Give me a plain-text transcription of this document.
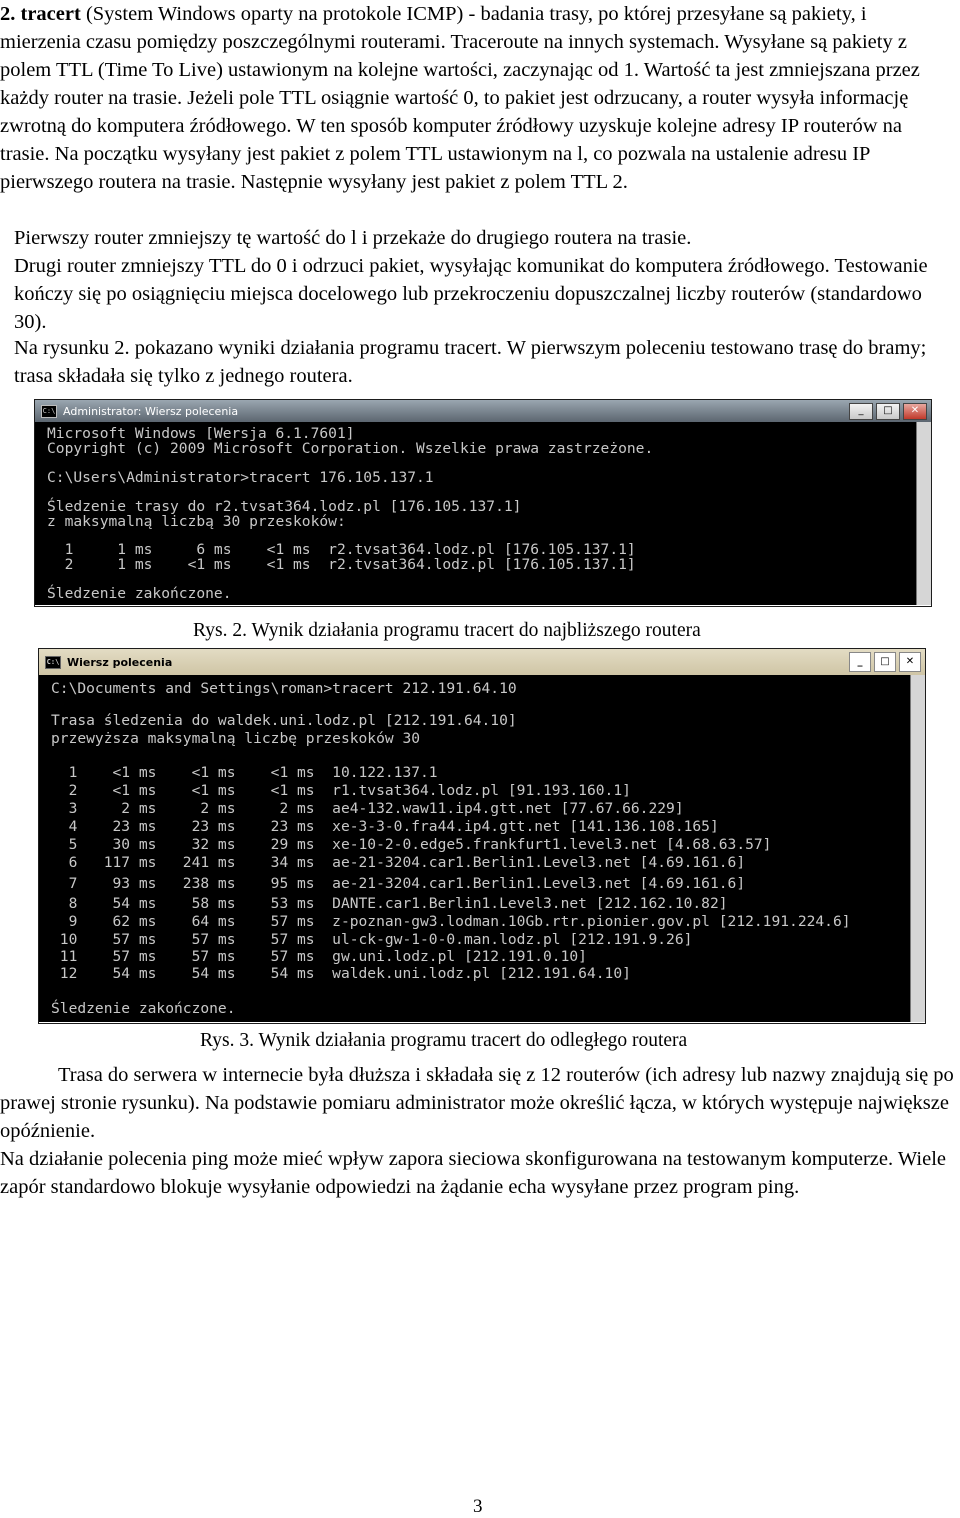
2. tracert (System Windows oparty na protokole ICMP) - badania trasy, po której przesyłane są pakiety, i mierzenia czasu pomiędzy poszczególnymi routerami. Traceroute na innych systemach. Wysyłane są pakiety z polem TTL (Time To Live) ustawionym na kolejne wartości, zaczynając od 1. Wartość ta jest zmniejszana przez każdy router na trasie. Jeżeli pole TTL osiągnie wartość 0, to pakiet jest odrzucany, a router wysyła informację zwrotną do komputera źródłowego. W ten sposób komputer źródłowy uzyskuje kolejne adresy IP routerów na trasie. Na początku wysyłany jest pakiet z polem TTL ustawionym na l, co pozwala na ustalenie adresu IP pierwszego routera na trasie. Następnie wysyłany jest pakiet z polem TTL 2.

Pierwszy router zmniejszy tę wartość do l i przekaże do drugiego routera na trasie.

Drugi router zmniejszy TTL do 0 i odrzuci pakiet, wysyłając komunikat do komputera źródłowego. Testowanie kończy się po osiągnięciu miejsca docelowego lub przekroczeniu dopuszczalnej liczby routerów (standardowo 30).

Na rysunku 2. pokazano wyniki działania programu tracert. W pierwszym poleceniu testowano trasę do bramy; trasa składała się tylko z jednego routera.

C:\ Administrator: Wiersz polecenia	_	□	✕
Microsoft Windows [Wersja 6.1.7601]
Copyright (c) 2009 Microsoft Corporation. Wszelkie prawa zastrzeżone.
C:\Users\Administrator>tracert 176.105.137.1
Śledzenie trasy do r2.tvsat364.lodz.pl [176.105.137.1]
z maksymalną liczbą 30 przeskoków:
1     1 ms     6 ms    <1 ms  r2.tvsat364.lodz.pl [176.105.137.1]
2     1 ms    <1 ms    <1 ms  r2.tvsat364.lodz.pl [176.105.137.1]
Śledzenie zakończone.
Rys. 2. Wynik działania programu tracert do najbliższego routera
C:\ Wiersz polecenia	_	□	✕
C:\Documents and Settings\roman>tracert 212.191.64.10
Trasa śledzenia do waldek.uni.lodz.pl [212.191.64.10]
przewyższa maksymalną liczbę przeskoków 30
1    <1 ms    <1 ms    <1 ms  10.122.137.1
2    <1 ms    <1 ms    <1 ms  r1.tvsat364.lodz.pl [91.193.160.1]
3     2 ms     2 ms     2 ms  ae4-132.waw11.ip4.gtt.net [77.67.66.229]
4    23 ms    23 ms    23 ms  xe-3-3-0.fra44.ip4.gtt.net [141.136.108.165]
5    30 ms    32 ms    29 ms  xe-10-2-0.edge5.frankfurt1.level3.net [4.68.63.57]
6   117 ms   241 ms    34 ms  ae-21-3204.car1.Berlin1.Level3.net [4.69.161.6]
7    93 ms   238 ms    95 ms  ae-21-3204.car1.Berlin1.Level3.net [4.69.161.6]
8    54 ms    58 ms    53 ms  DANTE.car1.Berlin1.Level3.net [212.162.10.82]
9    62 ms    64 ms    57 ms  z-poznan-gw3.lodman.10Gb.rtr.pionier.gov.pl [212.191.224.6]
10    57 ms    57 ms    57 ms  ul-ck-gw-1-0-0.man.lodz.pl [212.191.9.26]
11    57 ms    57 ms    57 ms  gw.uni.lodz.pl [212.191.0.10]
12    54 ms    54 ms    54 ms  waldek.uni.lodz.pl [212.191.64.10]
Śledzenie zakończone.
Rys. 3. Wynik działania programu tracert do odległego routera

Trasa do serwera w internecie była dłuższa i składała się z 12 routerów (ich adresy lub nazwy znajdują się po prawej stronie rysunku). Na podstawie pomiaru administrator może określić łącza, w których występuje największe opóźnienie.

Na działanie polecenia ping może mieć wpływ zapora sieciowa skonfigurowana na testowanym komputerze. Wiele zapór standardowo blokuje wysyłanie odpowiedzi na żądanie echa wysyłane przez program ping.

3
